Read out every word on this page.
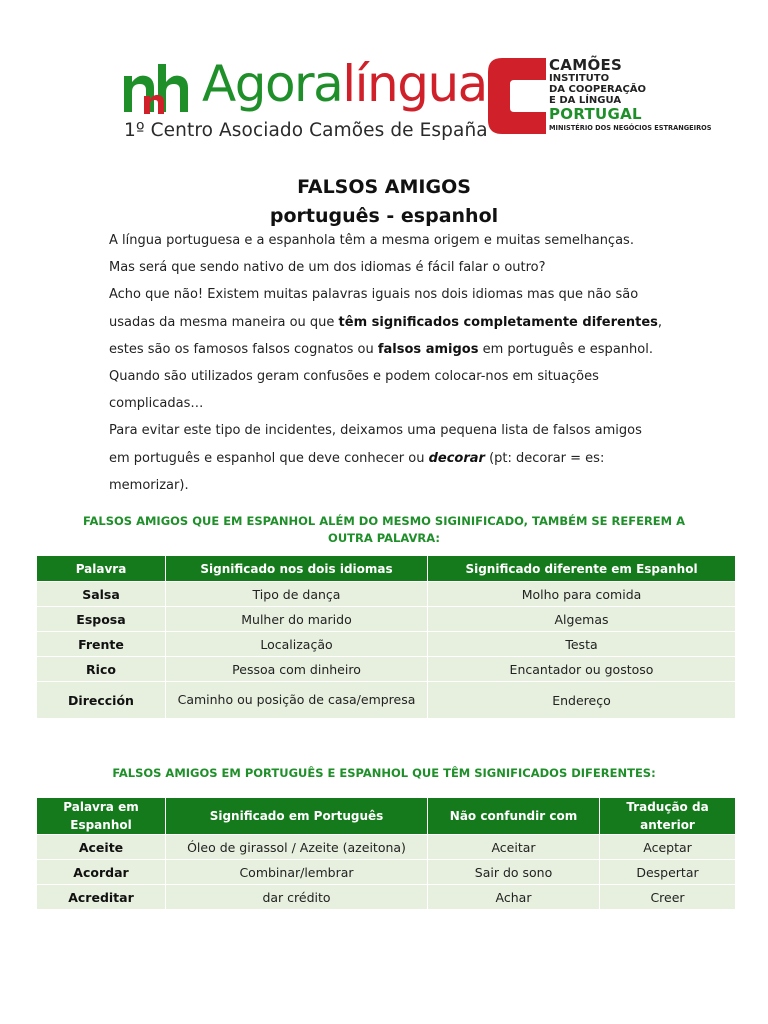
Agoralíngua
1º Centro Asociado Camões de España
CAMÕES
INSTITUTO
DA COOPERAÇÃO
E DA LÍNGUA
PORTUGAL
MINISTÉRIO DOS NEGÓCIOS ESTRANGEIROS
FALSOS AMIGOS
português - espanhol
A língua portuguesa e a espanhola têm a mesma origem e muitas semelhanças.
Mas será que sendo nativo de um dos idiomas é fácil falar o outro?
Acho que não! Existem muitas palavras iguais nos dois idiomas mas que não são
usadas da mesma maneira ou que têm significados completamente diferentes,
estes são os famosos falsos cognatos ou falsos amigos em português e espanhol.
Quando são utilizados geram confusões e podem colocar-nos em situações
complicadas…
Para evitar este tipo de incidentes, deixamos uma pequena lista de falsos amigos
em português e espanhol que deve conhecer ou decorar (pt: decorar = es:
memorizar).
FALSOS AMIGOS QUE EM ESPANHOL ALÉM DO MESMO SIGINIFICADO, TAMBÉM SE REFEREM A OUTRA PALAVRA:
Palavra	Significado nos dois idiomas	Significado diferente em Espanhol
Salsa	Tipo de dança	Molho para comida
Esposa	Mulher do marido	Algemas
Frente	Localização	Testa
Rico	Pessoa com dinheiro	Encantador ou gostoso
Dirección	Caminho ou posição de casa/empresa	Endereço
FALSOS AMIGOS EM PORTUGUÊS E ESPANHOL QUE TÊM SIGNIFICADOS DIFERENTES:
Palavra em Espanhol	Significado em Português	Não confundir com	Tradução da anterior
Aceite	Óleo de girassol / Azeite (azeitona)	Aceitar	Aceptar
Acordar	Combinar/lembrar	Sair do sono	Despertar
Acreditar	dar crédito	Achar	Creer
